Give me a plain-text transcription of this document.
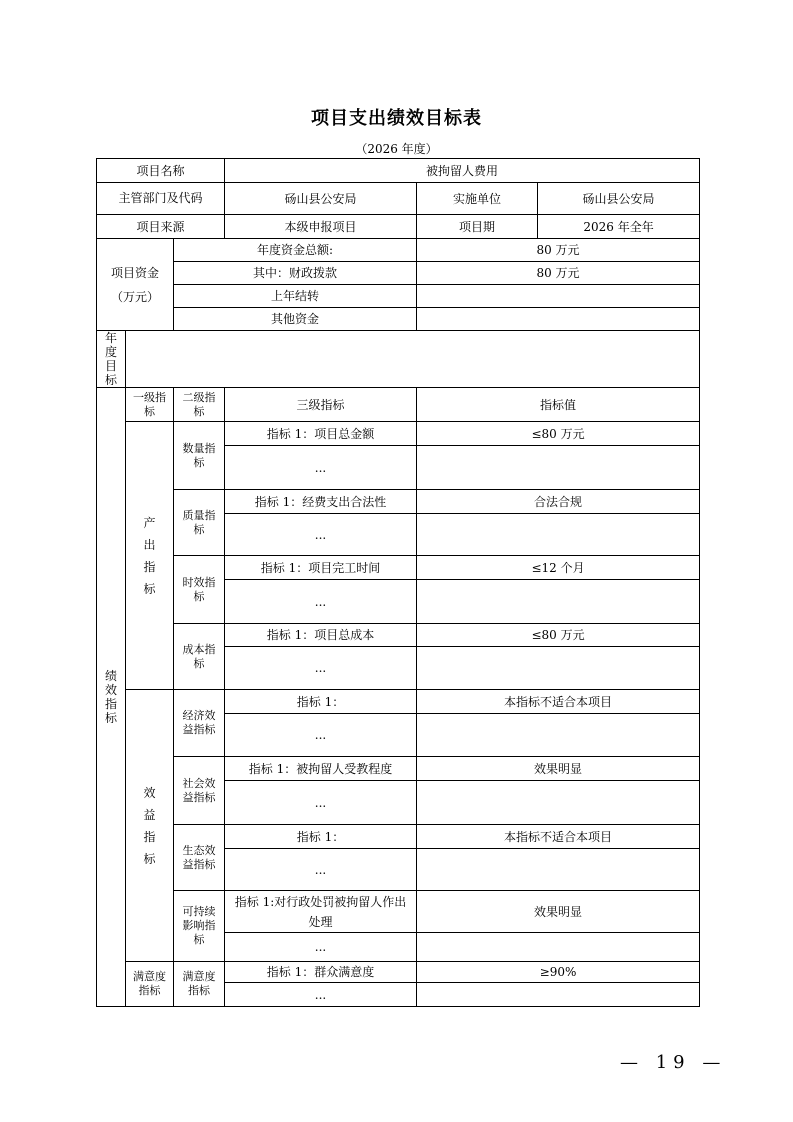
项目支出绩效目标表
（2026 年度）
项目名称			被拘留人费用		
主管部门及代码			砀山县公安局	实施单位	砀山县公安局
项目来源			本级申报项目	项目期	2026 年全年
项目资金（万元）		年度资金总额:		80 万元	
		其中：财政拨款		80 万元	
		上年结转			
		其他资金			
年度目标					
绩效指标	一级指标	二级指标	三级指标	指标值	
	产出指标	数量指标	指标 1：项目总金额	≤80 万元	
			...		
		质量指标	指标 1：经费支出合法性	合法合规	
			...		
		时效指标	指标 1：项目完工时间	≤12 个月	
			...		
		成本指标	指标 1：项目总成本	≤80 万元	
			...		
	效益指标	经济效益指标	指标 1：	本指标不适合本项目	
			...		
		社会效益指标	指标 1：被拘留人受教程度	效果明显	
			...		
		生态效益指标	指标 1：	本指标不适合本项目	
			...		
		可持续影响指标	指标 1:对行政处罚被拘留人作出处理	效果明显	
			...		
	满意度指标	满意度指标	指标 1：群众满意度	≥90%	
			...		
— 19 —
